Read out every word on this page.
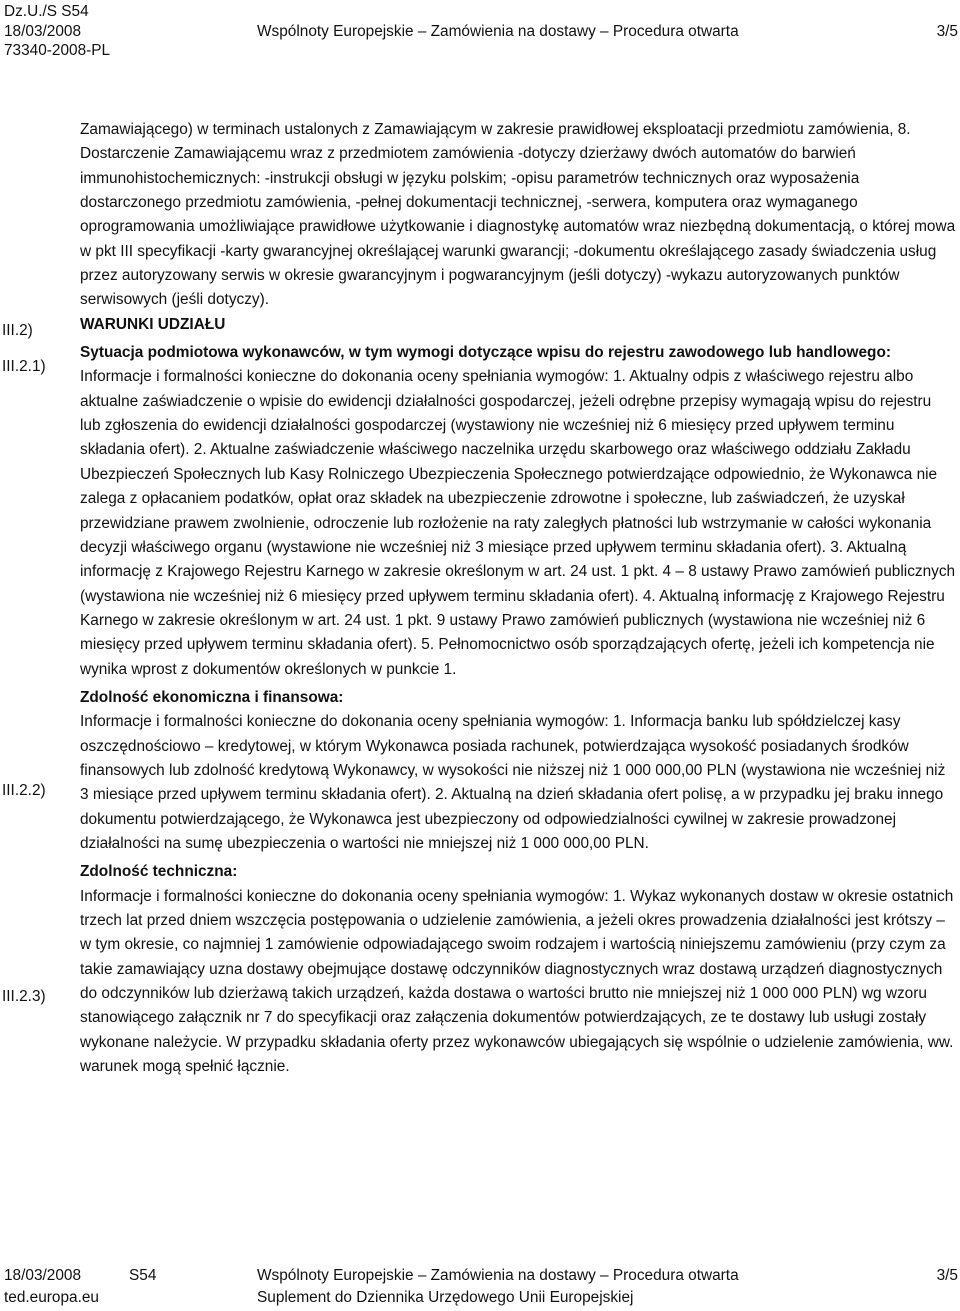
Dz.U./S S54
18/03/2008	Wspólnoty Europejskie – Zamówienia na dostawy – Procedura otwarta	3/5
73340-2008-PL
III.2)
III.2.1)
III.2.2)
III.2.3)

Zamawiającego) w terminach ustalonych z Zamawiającym w zakresie prawidłowej eksploatacji przedmiotu zamówienia, 8. Dostarczenie Zamawiającemu wraz z przedmiotem zamówienia -dotyczy dzierżawy dwóch automatów do barwień immunohistochemicznych: -instrukcji obsługi w języku polskim; -opisu parametrów technicznych oraz wyposażenia dostarczonego przedmiotu zamówienia, -pełnej dokumentacji technicznej, -serwera, komputera oraz wymaganego oprogramowania umożliwiające prawidłowe użytkowanie i diagnostykę automatów wraz niezbędną dokumentacją, o której mowa w pkt III specyfikacji -karty gwarancyjnej określającej warunki gwarancji; -dokumentu określającego zasady świadczenia usług przez autoryzowany serwis w okresie gwarancyjnym i pogwarancyjnym (jeśli dotyczy) -wykazu autoryzowanych punktów serwisowych (jeśli dotyczy).

WARUNKI UDZIAŁU

Sytuacja podmiotowa wykonawców, w tym wymogi dotyczące wpisu do rejestru zawodowego lub handlowego:

Informacje i formalności konieczne do dokonania oceny spełniania wymogów: 1. Aktualny odpis z właściwego rejestru albo aktualne zaświadczenie o wpisie do ewidencji działalności gospodarczej, jeżeli odrębne przepisy wymagają wpisu do rejestru lub zgłoszenia do ewidencji działalności gospodarczej (wystawiony nie wcześniej niż 6 miesięcy przed upływem terminu składania ofert). 2. Aktualne zaświadczenie właściwego naczelnika urzędu skarbowego oraz właściwego oddziału Zakładu Ubezpieczeń Społecznych lub Kasy Rolniczego Ubezpieczenia Społecznego potwierdzające odpowiednio, że Wykonawca nie zalega z opłacaniem podatków, opłat oraz składek na ubezpieczenie zdrowotne i społeczne, lub zaświadczeń, że uzyskał przewidziane prawem zwolnienie, odroczenie lub rozłożenie na raty zaległych płatności lub wstrzymanie w całości wykonania decyzji właściwego organu (wystawione nie wcześniej niż 3 miesiące przed upływem terminu składania ofert). 3. Aktualną informację z Krajowego Rejestru Karnego w zakresie określonym w art. 24 ust. 1 pkt. 4 – 8 ustawy Prawo zamówień publicznych (wystawiona nie wcześniej niż 6 miesięcy przed upływem terminu składania ofert). 4. Aktualną informację z Krajowego Rejestru Karnego w zakresie określonym w art. 24 ust. 1 pkt. 9 ustawy Prawo zamówień publicznych (wystawiona nie wcześniej niż 6 miesięcy przed upływem terminu składania ofert). 5. Pełnomocnictwo osób sporządzających ofertę, jeżeli ich kompetencja nie wynika wprost z dokumentów określonych w punkcie 1.

Zdolność ekonomiczna i finansowa:

Informacje i formalności konieczne do dokonania oceny spełniania wymogów: 1. Informacja banku lub spółdzielczej kasy oszczędnościowo – kredytowej, w którym Wykonawca posiada rachunek, potwierdzająca wysokość posiadanych środków finansowych lub zdolność kredytową Wykonawcy, w wysokości nie niższej niż 1 000 000,00 PLN (wystawiona nie wcześniej niż 3 miesiące przed upływem terminu składania ofert). 2. Aktualną na dzień składania ofert polisę, a w przypadku jej braku innego dokumentu potwierdzającego, że Wykonawca jest ubezpieczony od odpowiedzialności cywilnej w zakresie prowadzonej działalności na sumę ubezpieczenia o wartości nie mniejszej niż 1 000 000,00 PLN.

Zdolność techniczna:

Informacje i formalności konieczne do dokonania oceny spełniania wymogów: 1. Wykaz wykonanych dostaw w okresie ostatnich trzech lat przed dniem wszczęcia postępowania o udzielenie zamówienia, a jeżeli okres prowadzenia działalności jest krótszy – w tym okresie, co najmniej 1 zamówienie odpowiadającego swoim rodzajem i wartością niniejszemu zamówieniu (przy czym za takie zamawiający uzna dostawy obejmujące dostawę odczynników diagnostycznych wraz dostawą urządzeń diagnostycznych do odczynników lub dzierżawą takich urządzeń, każda dostawa o wartości brutto nie mniejszej niż 1 000 000 PLN) wg wzoru stanowiącego załącznik nr 7 do specyfikacji oraz załączenia dokumentów potwierdzających, ze te dostawy lub usługi zostały wykonane należycie. W przypadku składania oferty przez wykonawców ubiegających się wspólnie o udzielenie zamówienia, ww. warunek mogą spełnić łącznie.

18/03/2008	S54	Wspólnoty Europejskie – Zamówienia na dostawy – Procedura otwarta	3/5
ted.europa.eu	Suplement do Dziennika Urzędowego Unii Europejskiej
